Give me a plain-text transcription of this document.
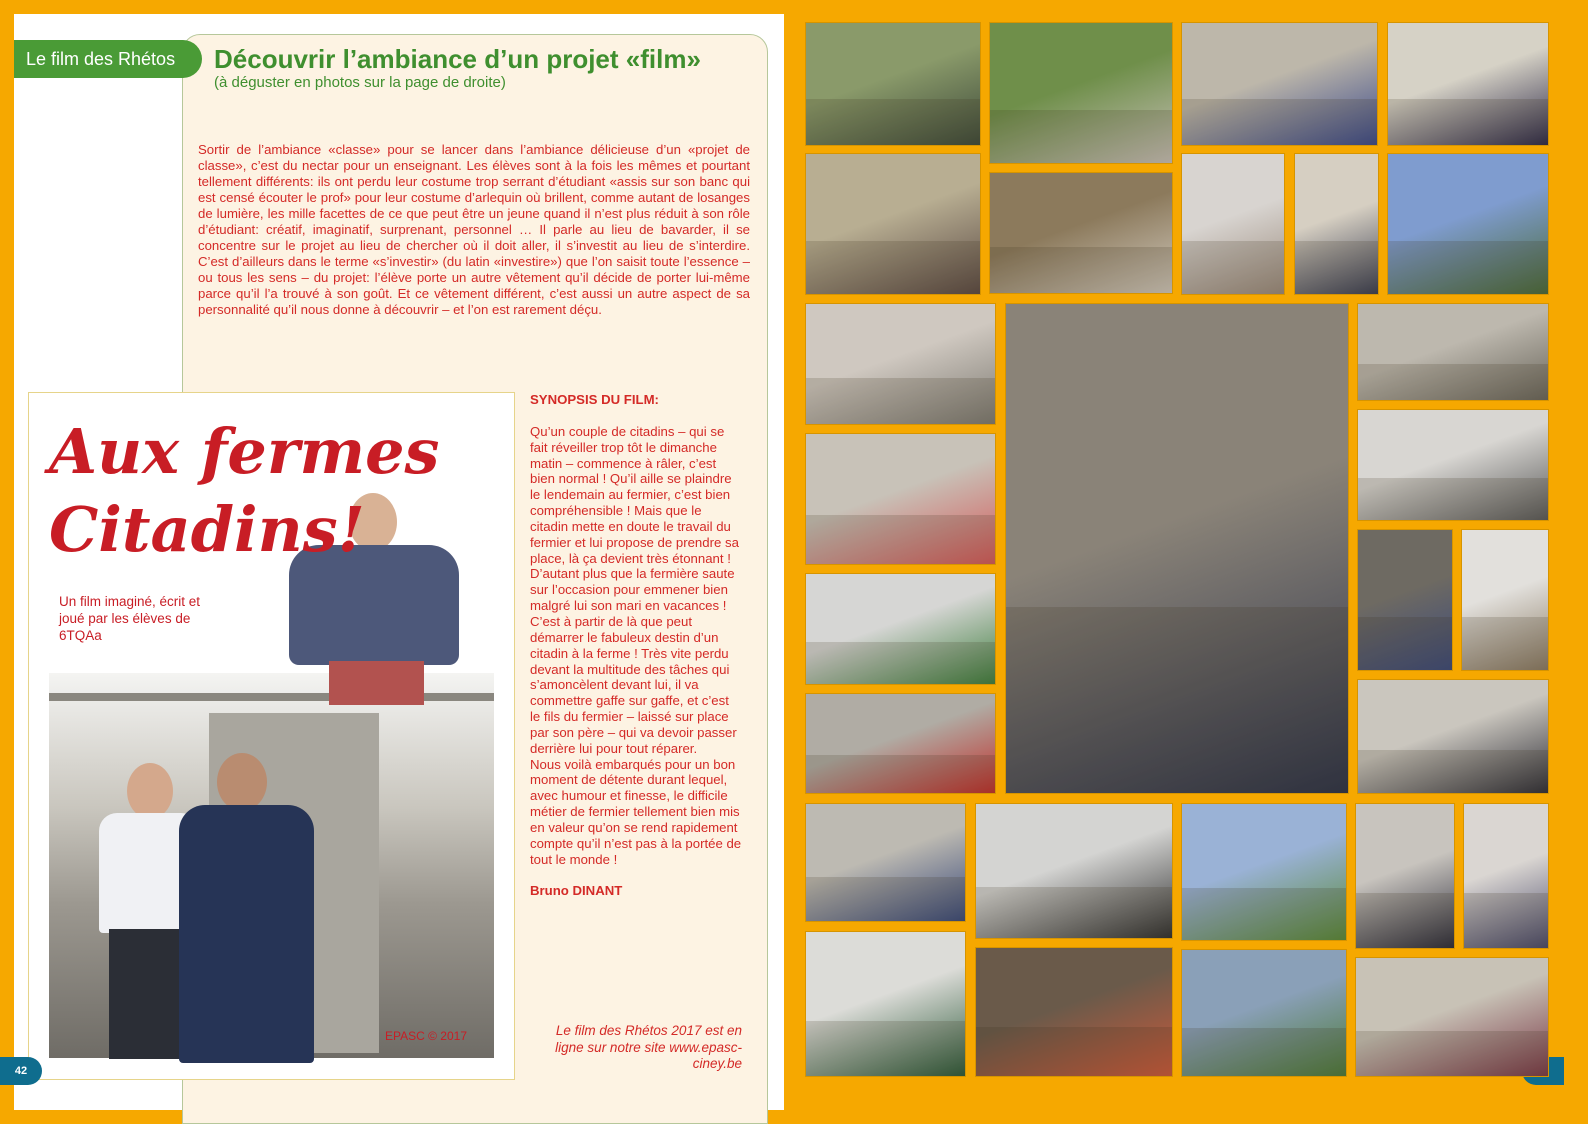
Le film des Rhétos	Découvrir l’ambiance d’un projet «film»
(à déguster en photos sur la page de droite)

Sortir de l’ambiance «classe» pour se lancer dans l’ambiance délicieuse d’un «projet de classe», c’est du nectar pour un enseignant. Les élèves sont à la fois les mêmes et pourtant tellement différents: ils ont perdu leur costume trop serrant d’étudiant «assis sur son banc qui est censé écouter le prof» pour leur costume d’arlequin où brillent, comme autant de losanges de lumière, les mille facettes de ce que peut être un jeune quand il n’est plus réduit à son rôle d’étudiant: créatif, imaginatif, surprenant, personnel … Il parle au lieu de bavarder, il se concentre sur le projet au lieu de chercher où il doit aller, il s’investit au lieu de s’interdire. C’est d’ailleurs dans le terme «s’investir» (du latin «investire») que l’on saisit toute l’essence – ou tous les sens – du projet: l’élève porte un autre vêtement qu’il décide de porter lui-même parce qu’il l’a trouvé à son goût. Et ce vêtement différent, c’est aussi un autre aspect de sa personnalité qu’il nous donne à découvrir – et l’on est rarement déçu.

Aux fermes
Citadins!
Un film imaginé, écrit et joué par les élèves de 6TQAa
EPASC © 2017

SYNOPSIS DU FILM:

Qu’un couple de citadins – qui se fait réveiller trop tôt le dimanche matin – commence à râler, c’est bien normal ! Qu’il aille se plaindre le lendemain au fermier, c’est bien compréhensible ! Mais que le citadin mette en doute le travail du fermier et lui propose de prendre sa place, là ça devient très étonnant ! D’autant plus que la fermière saute sur l’occasion pour emmener bien malgré lui son mari en vacances !

C’est à partir de là que peut démarrer le fabuleux destin d’un citadin à la ferme ! Très vite perdu devant la multitude des tâches qui s’amoncèlent devant lui, il va commettre gaffe sur gaffe, et c’est le fils du fermier – laissé sur place par son père – qui va devoir passer derrière lui pour tout réparer.

Nous voilà embarqués pour un bon moment de détente durant lequel, avec humour et finesse, le difficile métier de fermier tellement bien mis en valeur qu’on se rend rapidement compte qu’il n’est pas à la portée de tout le monde !

Bruno DINANT

Le film des Rhétos 2017 est en ligne sur notre site www.epasc-ciney.be
42
